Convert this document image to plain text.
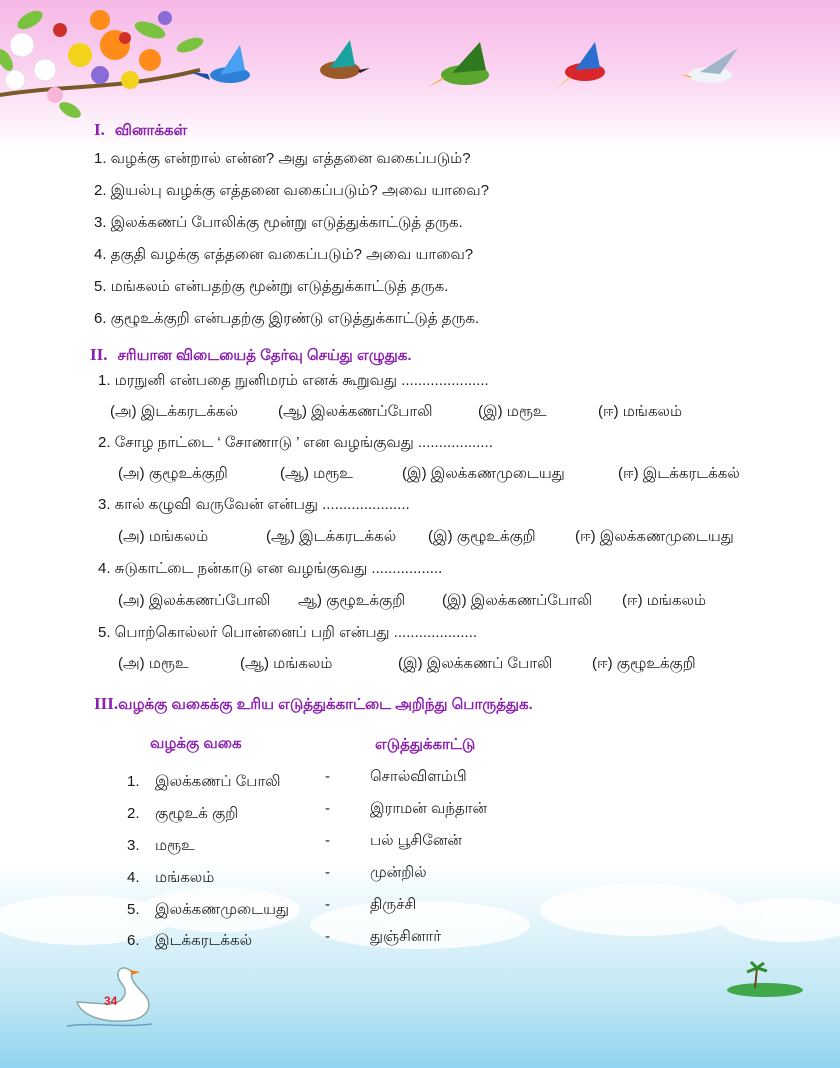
34
I. வினாக்கள்
1. வழக்கு என்றால் என்ன? அது எத்தனை வகைப்படும்?
2. இயல்பு வழக்கு எத்தனை வகைப்படும்? அவை யாவை?
3. இலக்கணப் போலிக்கு மூன்று எடுத்துக்காட்டுத் தருக.
4. தகுதி வழக்கு எத்தனை வகைப்படும்? அவை யாவை?
5. மங்கலம் என்பதற்கு மூன்று எடுத்துக்காட்டுத் தருக.
6. குழூஉக்குறி என்பதற்கு இரண்டு எடுத்துக்காட்டுத் தருக.
II. சரியான விடையைத் தேர்வு செய்து எழுதுக.
1. மரநுனி என்பதை நுனிமரம் எனக் கூறுவது .....................
(அ) இடக்கரடக்கல்	(ஆ) இலக்கணப்போலி	(இ) மரூஉ	(ஈ) மங்கலம்
2. சோழ நாட்டை ‘ சோணாடு ’ என வழங்குவது ..................
(அ) குழூஉக்குறி	(ஆ) மரூஉ	(இ) இலக்கணமுடையது	(ஈ) இடக்கரடக்கல்
3. கால் கழுவி வருவேன் என்பது .....................
(அ) மங்கலம்	(ஆ) இடக்கரடக்கல் (இ) குழூஉக்குறி	(ஈ) இலக்கணமுடையது
4. சுடுகாட்டை நன்காடு என வழங்குவது .................
(அ) இலக்கணப்போலி ஆ) குழூஉக்குறி (இ) இலக்கணப்போலி (ஈ) மங்கலம்
5. பொற்கொல்லர் பொன்னைப் பறி என்பது ....................
(அ) மரூஉ	(ஆ) மங்கலம்	(இ) இலக்கணப் போலி	(ஈ) குழூஉக்குறி
III.வழக்கு வகைக்கு உரிய எடுத்துக்காட்டை அறிந்து பொருத்துக.
வழக்கு வகை	எடுத்துக்காட்டு
1. இலக்கணப் போலி	-	சொல்விளம்பி
2. குழூஉக் குறி	-	இராமன் வந்தான்
3. மரூஉ	-	பல் பூசினேன்
4. மங்கலம்	-	முன்றில்
5. இலக்கணமுடையது -	திருச்சி
6. இடக்கரடக்கல்	-	துஞ்சினார்
